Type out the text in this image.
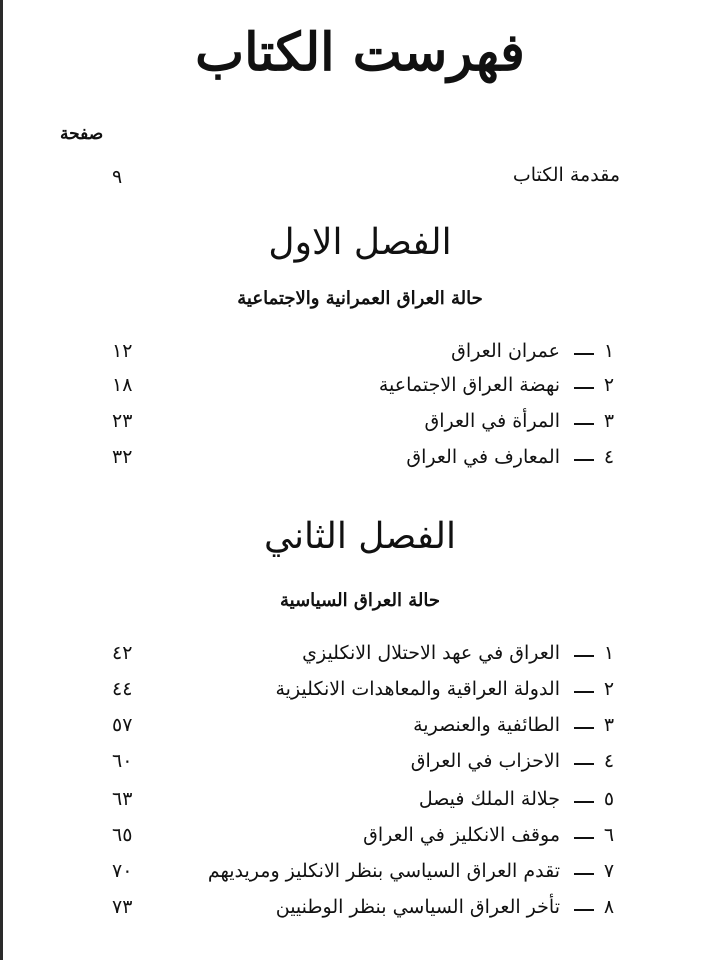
فهرست الكتاب
صفحة
مقدمة الكتاب
٩
الفصل الاول
حالة العراق العمرانية والاجتماعية
١
عمران العراق
١٢
٢
نهضة العراق الاجتماعية
١٨
٣
المرأة في العراق
٢٣
٤
المعارف في العراق
٣٢
الفصل الثاني
حالة العراق السياسية
١
العراق في عهد الاحتلال الانكليزي
٤٢
٢
الدولة العراقية والمعاهدات الانكليزية
٤٤
٣
الطائفية والعنصرية
٥٧
٤
الاحزاب في العراق
٦٠
٥
جلالة الملك فيصل
٦٣
٦
موقف الانكليز في العراق
٦٥
٧
تقدم العراق السياسي بنظر الانكليز ومريديهم
٧٠
٨
تأخر العراق السياسي بنظر الوطنيين
٧٣
